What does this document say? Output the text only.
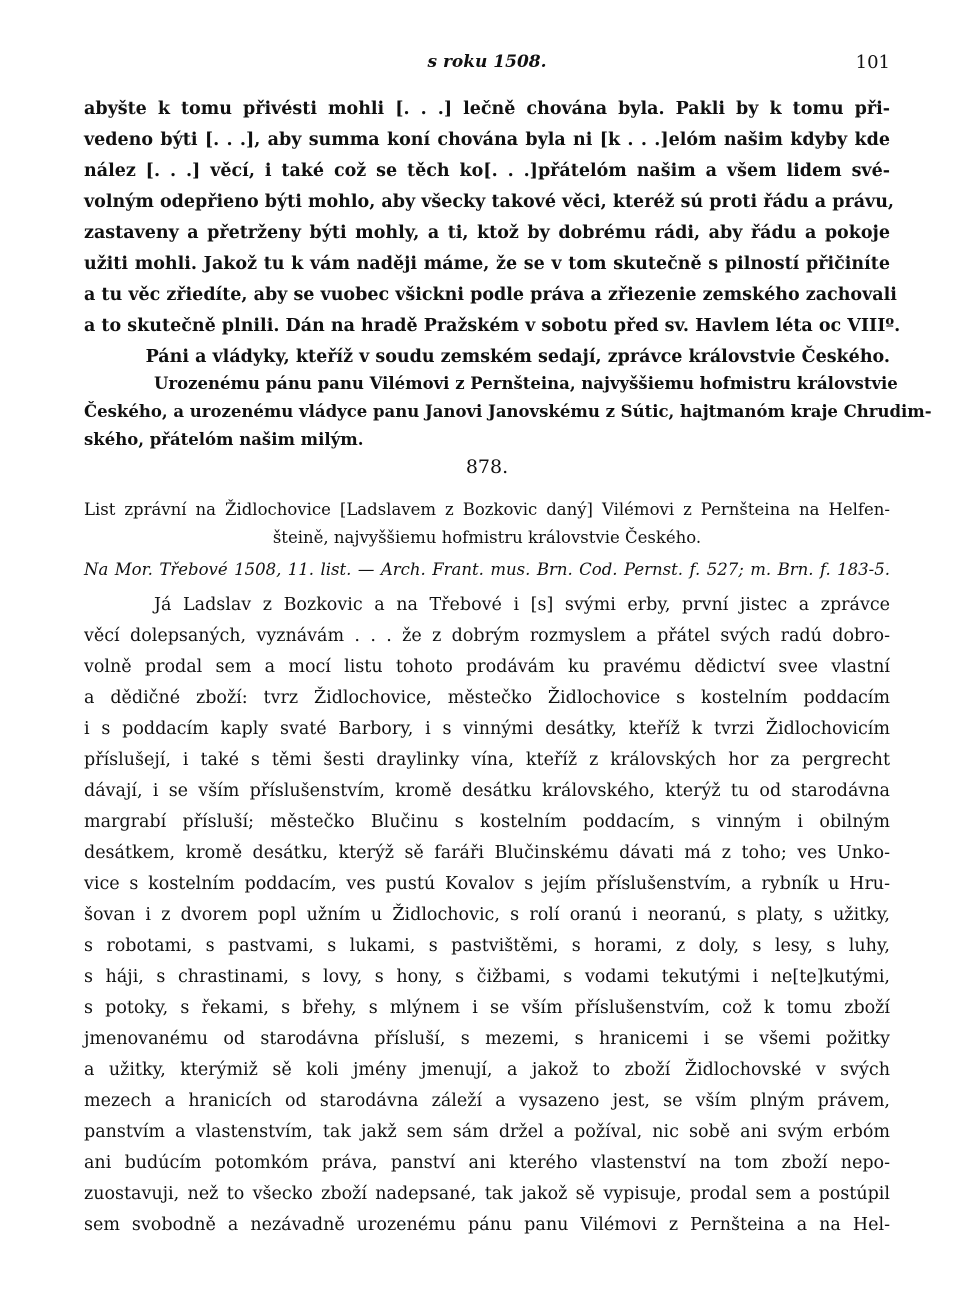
s roku 1508.	101
abyšte k tomu přivésti mohli [. . .] lečně chována byla. Pakli by k tomu při-
vedeno býti [. . .], aby summa koní chována byla ni [k . . .]elóm našim kdyby kde
nález [. . .] věcí, i také což se těch ko[. . .]přátelóm našim a všem lidem své-
volným odepřieno býti mohlo, aby všecky takové věci, kteréž sú proti řádu a právu,
zastaveny a přetrženy býti mohly, a ti, ktož by dobrému rádi, aby řádu a pokoje
užiti mohli. Jakož tu k vám naději máme, že se v tom skutečně s pilností přičiníte
a tu věc zřiedíte, aby se vuobec všickni podle práva a zřiezenie zemského zachovali
a to skutečně plnili. Dán na hradě Pražském v sobotu před sv. Havlem léta oc VIIIº.
Páni a vládyky, kteříž v soudu zemském sedají, zprávce královstvie Českého.
Urozenému pánu panu Vilémovi z Pernšteina, najvyššiemu hofmistru královstvie
Českého, a urozenému vládyce panu Janovi Janovskému z Sútic, hajtmanóm kraje Chrudim-
ského, přátelóm našim milým.
878.
List zprávní na Židlochovice [Ladslavem z Bozkovic daný] Vilémovi z Pernšteina na Helfen-
šteině, najvyššiemu hofmistru královstvie Českého.
Na Mor. Třebové 1508, 11. list. — Arch. Frant. mus. Brn. Cod. Pernst. f. 527; m. Brn. f. 183-5.
Já Ladslav z Bozkovic a na Třebové i [s] svými erby, první jistec a zprávce
věcí dolepsaných, vyznávám . . . že z dobrým rozmyslem a přátel svých radú dobro-
volně prodal sem a mocí listu tohoto prodávám ku pravému dědictví svee vlastní
a dědičné zboží: tvrz Židlochovice, městečko Židlochovice s kostelním poddacím
i s poddacím kaply svaté Barbory, i s vinnými desátky, kteříž k tvrzi Židlochovicím
příslušejí, i také s těmi šesti draylinky vína, kteříž z královských hor za pergrecht
dávají, i se vším příslušenstvím, kromě desátku královského, kterýž tu od starodávna
margrabí přísluší; městečko Blučinu s kostelním poddacím, s vinným i obilným
desátkem, kromě desátku, kterýž sě faráři Blučinskému dávati má z toho; ves Unko-
vice s kostelním poddacím, ves pustú Kovalov s jejím příslušenstvím, a rybník u Hru-
šovan i z dvorem popl užním u Židlochovic, s rolí oranú i neoranú, s platy, s užitky,
s robotami, s pastvami, s lukami, s pastvištěmi, s horami, z doly, s lesy, s luhy,
s háji, s chrastinami, s lovy, s hony, s čižbami, s vodami tekutými i ne[te]kutými,
s potoky, s řekami, s břehy, s mlýnem i se vším příslušenstvím, což k tomu zboží
jmenovanému od starodávna přísluší, s mezemi, s hranicemi i se všemi požitky
a užitky, kterýmiž sě koli jmény jmenují, a jakož to zboží Židlochovské v svých
mezech a hranicích od starodávna záleží a vysazeno jest, se vším plným právem,
panstvím a vlastenstvím, tak jakž sem sám držel a požíval, nic sobě ani svým erbóm
ani budúcím potomkóm práva, panství ani kterého vlastenství na tom zboží nepo-
zuostavuji, než to všecko zboží nadepsané, tak jakož sě vypisuje, prodal sem a postúpil
sem svobodně a nezávadně urozenému pánu panu Vilémovi z Pernšteina a na Hel-
